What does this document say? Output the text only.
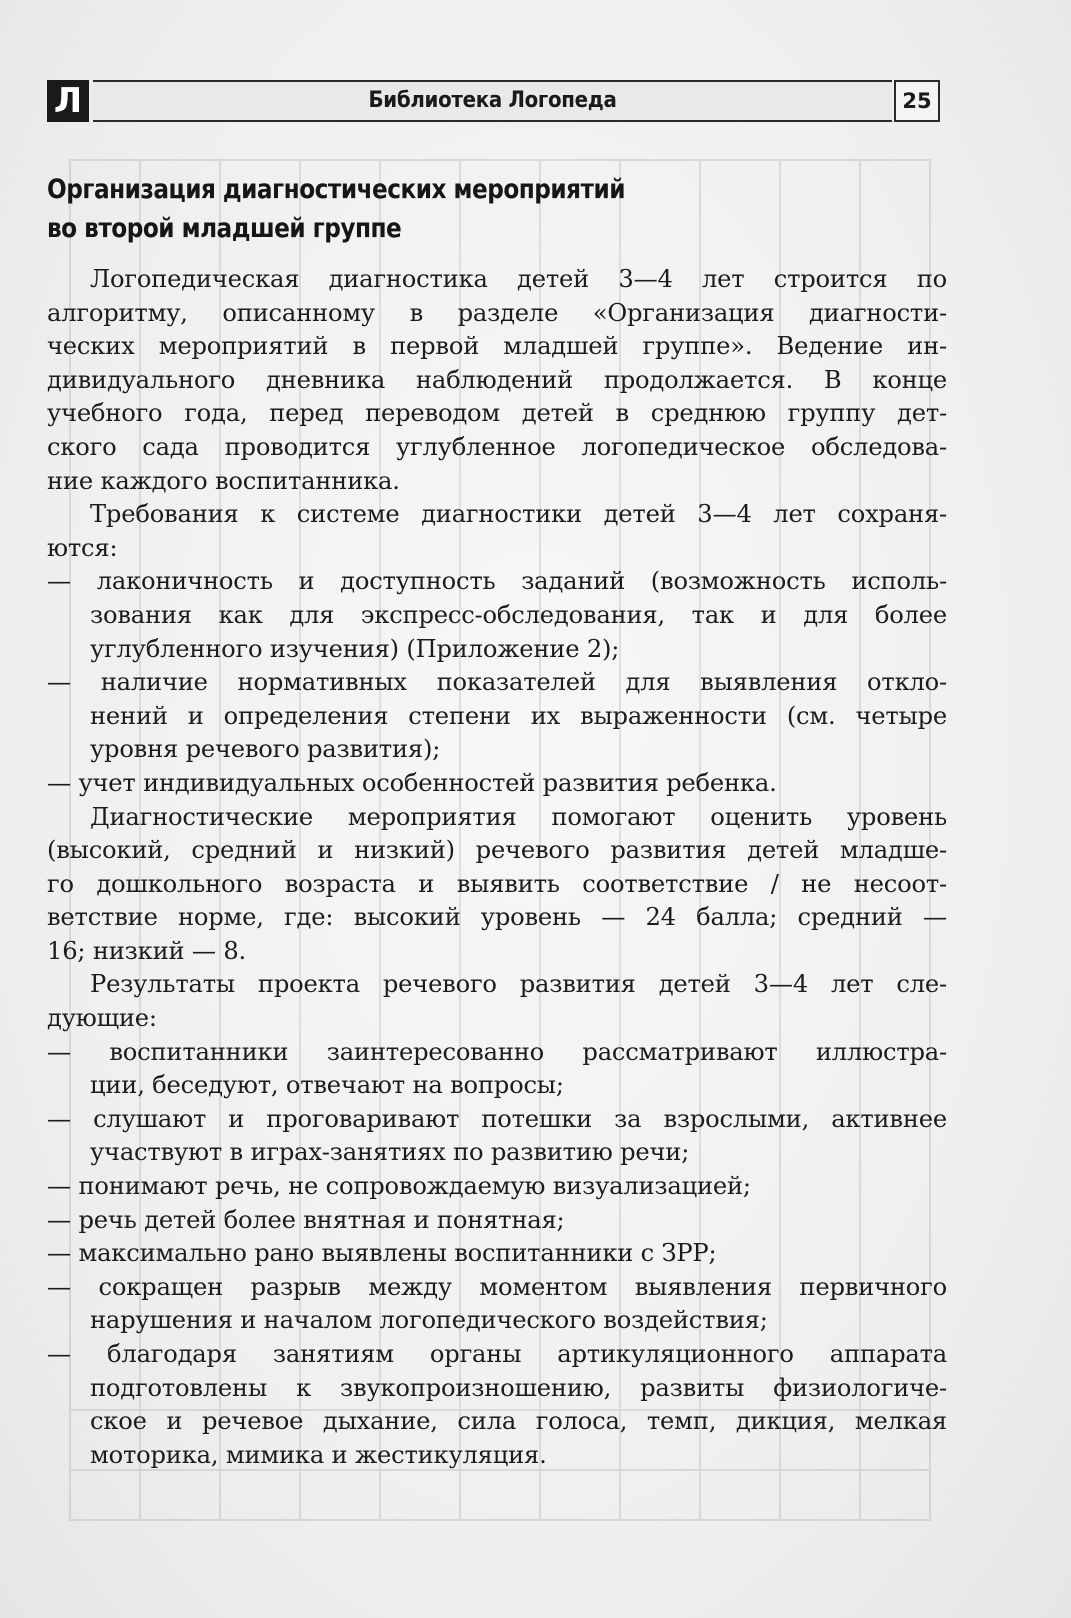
Л	Библиотека Логопеда	25
Организация диагностических мероприятий
во второй младшей группе
Логопедическая диагностика детей 3—4 лет строится по
алгоритму, описанному в разделе «Организация диагности-
ческих мероприятий в первой младшей группе». Ведение ин-
дивидуального дневника наблюдений продолжается. В конце
учебного года, перед переводом детей в среднюю группу дет-
ского сада проводится углубленное логопедическое обследова-
ние каждого воспитанника.
Требования к системе диагностики детей 3—4 лет сохраня-
ются:
— лаконичность и доступность заданий (возможность исполь-
зования как для экспресс-обследования, так и для более
углубленного изучения) (Приложение 2);
— наличие нормативных показателей для выявления откло-
нений и определения степени их выраженности (см. четыре
уровня речевого развития);
— учет индивидуальных особенностей развития ребенка.
Диагностические мероприятия помогают оценить уровень
(высокий, средний и низкий) речевого развития детей младше-
го дошкольного возраста и выявить соответствие / не несоот-
ветствие норме, где: высокий уровень — 24 балла; средний —
16; низкий — 8.
Результаты проекта речевого развития детей 3—4 лет сле-
дующие:
— воспитанники заинтересованно рассматривают иллюстра-
ции, беседуют, отвечают на вопросы;
— слушают и проговаривают потешки за взрослыми, активнее
участвуют в играх-занятиях по развитию речи;
— понимают речь, не сопровождаемую визуализацией;
— речь детей более внятная и понятная;
— максимально рано выявлены воспитанники с ЗРР;
— сокращен разрыв между моментом выявления первичного
нарушения и началом логопедического воздействия;
— благодаря занятиям органы артикуляционного аппарата
подготовлены к звукопроизношению, развиты физиологиче-
ское и речевое дыхание, сила голоса, темп, дикция, мелкая
моторика, мимика и жестикуляция.
